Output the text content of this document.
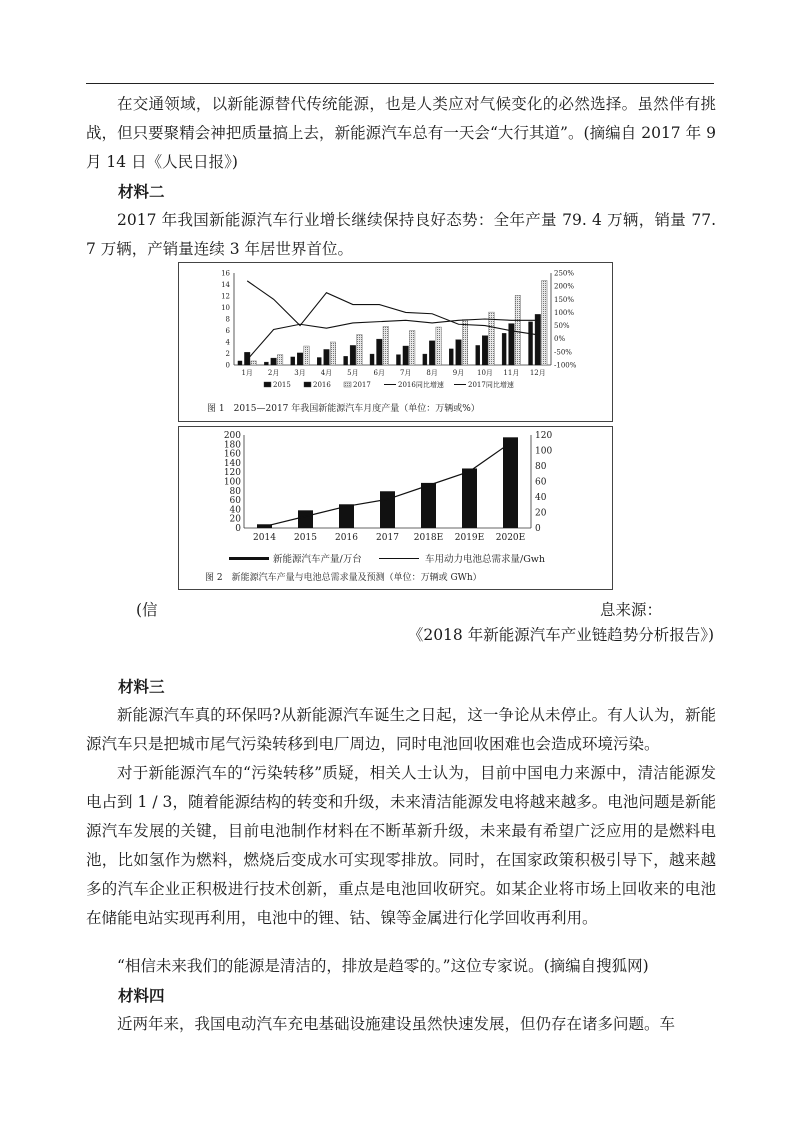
在交通领域，以新能源替代传统能源，也是人类应对气候变化的必然选择。虽然伴有挑战，但只要聚精会神把质量搞上去，新能源汽车总有一天会“大行其道”。(摘编自 2017 年 9 月 14 日《人民日报》)

材料二

2017 年我国新能源汽车行业增长继续保持良好态势：全年产量 79. 4 万辆，销量 77. 7 万辆，产销量连续 3 年居世界首位。

0
2
4
6
8
10
12
14
16
-100%
-50%
0%
50%
100%
150%
200%
250%
1月 2月 3月 4月 5月 6月 7月 8月 9月 10月 11月 12月
2015	2016	2017	2016同比增速	2017同比增速
图 1　2015—2017 年我国新能源汽车月度产量（单位：万辆或%）
0
20
40
60
80
100
120
140
160
180
200
0
20
40
60
80
100
120
2014 2015 2016 2017 2018E 2019E 2020E
新能源汽车产量/万台	车用动力电池总需求量/Gwh
图 2　新能源汽车产量与电池总需求量及预测（单位：万辆或 GWh）

(信	息来源：

《2018 年新能源汽车产业链趋势分析报告》)

材料三

新能源汽车真的环保吗?从新能源汽车诞生之日起，这一争论从未停止。有人认为，新能源汽车只是把城市尾气污染转移到电厂周边，同时电池回收困难也会造成环境污染。

对于新能源汽车的“污染转移”质疑，相关人士认为，目前中国电力来源中，清洁能源发电占到 1 / 3，随着能源结构的转变和升级，未来清洁能源发电将越来越多。电池问题是新能源汽车发展的关键，目前电池制作材料在不断革新升级，未来最有希望广泛应用的是燃料电池，比如氢作为燃料，燃烧后变成水可实现零排放。同时，在国家政策积极引导下，越来越多的汽车企业正积极进行技术创新，重点是电池回收研究。如某企业将市场上回收来的电池在储能电站实现再利用，电池中的锂、钴、镍等金属进行化学回收再利用。

“相信未来我们的能源是清洁的，排放是趋零的。”这位专家说。(摘编自搜狐网)

材料四

近两年来，我国电动汽车充电基础设施建设虽然快速发展，但仍存在诸多问题。车
